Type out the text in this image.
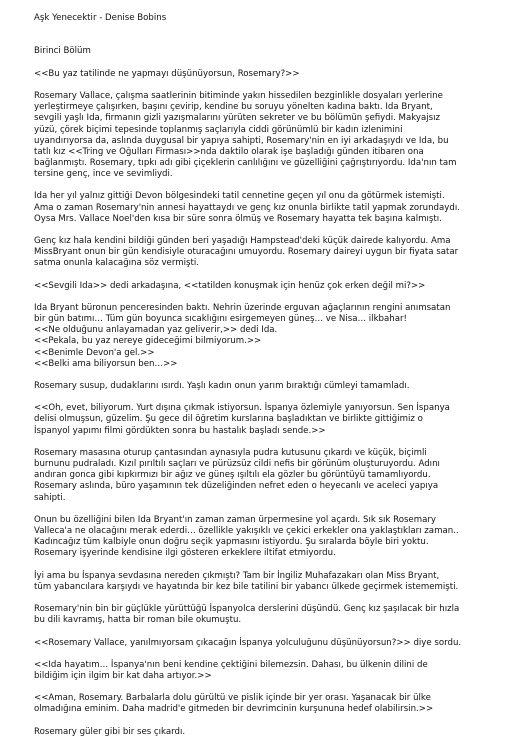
Aşk Yenecektir - Denise Bobins

Birinci Bölüm

<<Bu yaz tatilinde ne yapmayı düşünüyorsun, Rosemary?>>

Rosemary Vallace, çalışma saatlerinin bitiminde yakın hissedilen bezginlikle dosyaları yerlerine
yerleştirmeye çalışırken, başını çevirip, kendine bu soruyu yönelten kadına baktı. Ida Bryant,
sevgili yaşlı Ida, firmanın gizli yazışmalarını yürüten sekreter ve bu bölümün şefiydi. Makyajsız
yüzü, çörek biçimi tepesinde toplanmış saçlarıyla ciddi görünümlü bir kadın izlenimini
uyandırıyorsa da, aslında duygusal bir yapıya sahipti, Rosemary'nin en iyi arkadaşıydı ve Ida, bu
tatlı kız <<Tring ve Oğulları Firması>>nda daktilo olarak işe başladığı günden itibaren ona
bağlanmıştı. Rosemary, tıpkı adı gibi çiçeklerin canlılığını ve güzelliğini çağrıştırıyordu. Ida'nın tam
tersine genç, ince ve sevimliydi.

Ida her yıl yalnız gittiği Devon bölgesindeki tatil cennetine geçen yıl onu da götürmek istemişti.
Ama o zaman Rosemary'nin annesi hayattaydı ve genç kız onunla birlikte tatil yapmak zorundaydı.
Oysa Mrs. Vallace Noel'den kısa bir süre sonra ölmüş ve Rosemary hayatta tek başına kalmıştı.

Genç kız hala kendini bildiği günden beri yaşadığı Hampstead'deki küçük dairede kalıyordu. Ama
MissBryant onun bir gün kendisiyle oturacağını umuyordu. Rosemary daireyi uygun bir fiyata satar
satma onunla kalacağına söz vermişti.

<<Sevgili Ida>> dedi arkadaşına, <<tatilden konuşmak için henüz çok erken değil mi?>>

Ida Bryant büronun penceresinden baktı. Nehrin üzerinde erguvan ağaçlarının rengini anımsatan
bir gün batımı… Tüm gün boyunca sıcaklığını esirgemeyen güneş… ve Nisa… ilkbahar!
<<Ne olduğunu anlayamadan yaz geliverir,>> dedi Ida.
<<Pekala, bu yaz nereye gideceğimi bilmiyorum.>>
<<Benimle Devon'a gel.>>
<<Belki ama biliyorsun ben…>>

Rosemary susup, dudaklarını ısırdı. Yaşlı kadın onun yarım bıraktığı cümleyi tamamladı.

<<Oh, evet, biliyorum. Yurt dışına çıkmak istiyorsun. İspanya özlemiyle yanıyorsun. Sen İspanya
delisi olmuşsun, güzelim. Şu gece dil öğretim kurslarına başladıktan ve birlikte gittiğimiz o
İspanyol yapımı filmi gördükten sonra bu hastalık başladı sende.>>

Rosemary masasına oturup çantasından aynasıyla pudra kutusunu çıkardı ve küçük, biçimli
burnunu pudraladı. Kızıl pırıltılı saçları ve pürüzsüz cildi nefis bir görünüm oluşturuyordu. Adını
andıran gonca gibi kıpkırmızı bir ağız ve güneş ışıltılı ela gözler bu görüntüyü tamamlıyordu.
Rosemary aslında, büro yaşamının tek düzeliğinden nefret eden o heyecanlı ve aceleci yapıya
sahipti.

Onun bu özelliğini bilen Ida Bryant'ın zaman zaman ürpermesine yol açardı. Sık sık Rosemary
Valleca'a ne olacağını merak ederdi… özellikle yakışıklı ve çekici erkekler ona yaklaştıkları zaman..
Kadıncağız tüm kalbiyle onun doğru seçik yapmasını istiyordu. Şu sıralarda böyle biri yoktu.
Rosemary işyerinde kendisine ilgi gösteren erkeklere iltifat etmiyordu.

İyi ama bu İspanya sevdasına nereden çıkmıştı? Tam bir İngiliz Muhafazakarı olan Miss Bryant,
tüm yabancılara karşıydı ve hayatında bir kez bile tatilini bir yabancı ülkede geçirmek istememişti.

Rosemary'nin bin bir güçlükle yürüttüğü İspanyolca derslerini düşündü. Genç kız şaşılacak bir hızla
bu dili kavramış, hatta bir roman bile okumuştu.

<<Rosemary Vallace, yanılmıyorsam çıkacağın İspanya yolculuğunu düşünüyorsun?>> diye sordu.

<<Ida hayatım… İspanya'nın beni kendine çektiğini bilemezsin. Dahası, bu ülkenin dilini de
bildiğim için ilgim bir kat daha artıyor.>>

<<Aman, Rosemary. Barbalarla dolu gürültü ve pislik içinde bir yer orası. Yaşanacak bir ülke
olmadığına eminim. Daha madrid'e gitmeden bir devrimcinin kurşununa hedef olabilirsin.>>

Rosemary güler gibi bir ses çıkardı.
